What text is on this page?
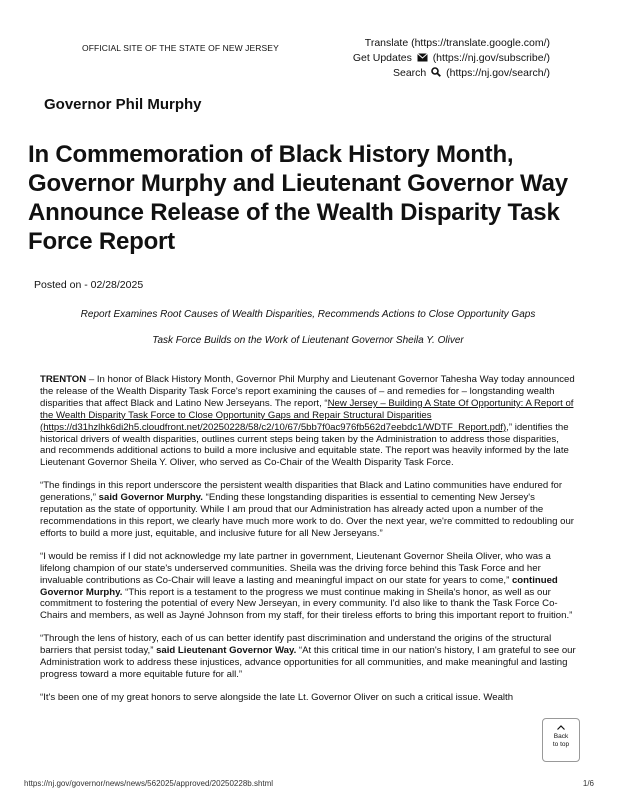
OFFICIAL SITE OF THE STATE OF NEW JERSEY	Translate (https://translate.google.com/)
Get Updates (https://nj.gov/subscribe/)
Search (https://nj.gov/search/)
Governor Phil Murphy
In Commemoration of Black History Month, Governor Murphy and Lieutenant Governor Way Announce Release of the Wealth Disparity Task Force Report
Posted on - 02/28/2025
Report Examines Root Causes of Wealth Disparities, Recommends Actions to Close Opportunity Gaps
Task Force Builds on the Work of Lieutenant Governor Sheila Y. Oliver

TRENTON – In honor of Black History Month, Governor Phil Murphy and Lieutenant Governor Tahesha Way today announced the release of the Wealth Disparity Task Force's report examining the causes of – and remedies for – longstanding wealth disparities that affect Black and Latino New Jerseyans. The report, “New Jersey – Building A State Of Opportunity: A Report of the Wealth Disparity Task Force to Close Opportunity Gaps and Repair Structural Disparities (https://d31hzlhk6di2h5.cloudfront.net/20250228/58/c2/10/67/5bb7f0ac976fb562d7eebdc1/WDTF_Report.pdf),” identifies the historical drivers of wealth disparities, outlines current steps being taken by the Administration to address those disparities, and recommends additional actions to build a more inclusive and equitable state. The report was heavily informed by the late Lieutenant Governor Sheila Y. Oliver, who served as Co-Chair of the Wealth Disparity Task Force.

“The findings in this report underscore the persistent wealth disparities that Black and Latino communities have endured for generations,” said Governor Murphy. “Ending these longstanding disparities is essential to cementing New Jersey's reputation as the state of opportunity. While I am proud that our Administration has already acted upon a number of the recommendations in this report, we clearly have much more work to do. Over the next year, we're committed to redoubling our efforts to build a more just, equitable, and inclusive future for all New Jerseyans.”

“I would be remiss if I did not acknowledge my late partner in government, Lieutenant Governor Sheila Oliver, who was a lifelong champion of our state's underserved communities. Sheila was the driving force behind this Task Force and her invaluable contributions as Co-Chair will leave a lasting and meaningful impact on our state for years to come,” continued Governor Murphy. “This report is a testament to the progress we must continue making in Sheila's honor, as well as our commitment to fostering the potential of every New Jerseyan, in every community. I'd also like to thank the Task Force Co-Chairs and members, as well as Jayné Johnson from my staff, for their tireless efforts to bring this important report to fruition.”

“Through the lens of history, each of us can better identify past discrimination and understand the origins of the structural barriers that persist today,” said Lieutenant Governor Way. “At this critical time in our nation's history, I am grateful to see our Administration work to address these injustices, advance opportunities for all communities, and make meaningful and lasting progress toward a more equitable future for all.”

“It's been one of my great honors to serve alongside the late Lt. Governor Oliver on such a critical issue. Wealth

Back
to top
https://nj.gov/governor/news/news/562025/approved/20250228b.shtml	1/6
